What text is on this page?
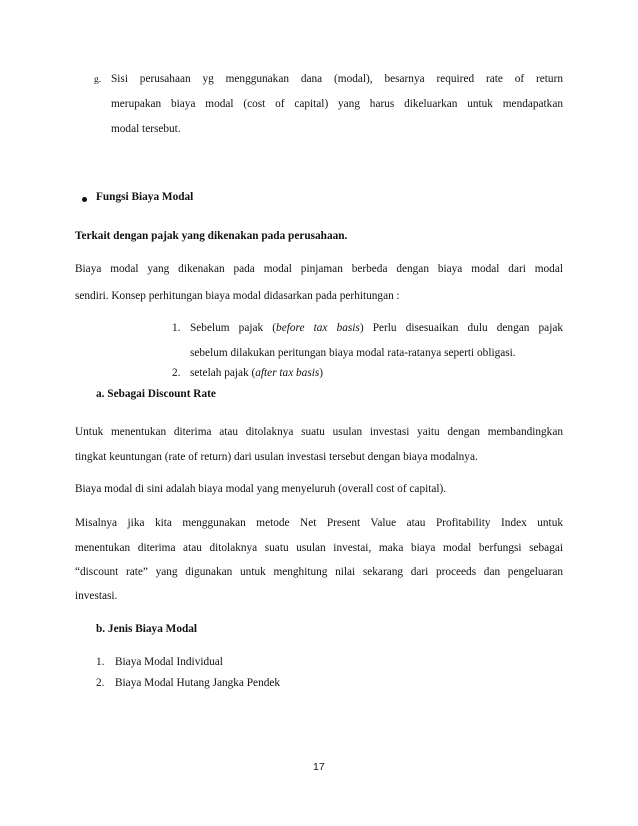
g. Sisi perusahaan yg menggunakan dana (modal), besarnya required rate of return
merupakan biaya modal (cost of capital) yang harus dikeluarkan untuk mendapatkan
modal tersebut.
Fungsi Biaya Modal
Terkait dengan pajak yang dikenakan pada perusahaan.
Biaya modal yang dikenakan pada modal pinjaman berbeda dengan biaya modal dari modal
sendiri. Konsep perhitungan biaya modal didasarkan pada perhitungan :
1. Sebelum pajak (before tax basis) Perlu disesuaikan dulu dengan pajak
sebelum dilakukan peritungan biaya modal rata-ratanya seperti obligasi.
2. setelah pajak (after tax basis)
a. Sebagai Discount Rate
Untuk menentukan diterima atau ditolaknya suatu usulan investasi yaitu dengan membandingkan
tingkat keuntungan (rate of return) dari usulan investasi tersebut dengan biaya modalnya.
Biaya modal di sini adalah biaya modal yang menyeluruh (overall cost of capital).
Misalnya jika kita menggunakan metode Net Present Value atau Profitability Index untuk
menentukan diterima atau ditolaknya suatu usulan investai, maka biaya modal berfungsi sebagai
“discount rate” yang digunakan untuk menghitung nilai sekarang dari proceeds dan pengeluaran
investasi.
b. Jenis Biaya Modal
1. Biaya Modal Individual
2. Biaya Modal Hutang Jangka Pendek
17
